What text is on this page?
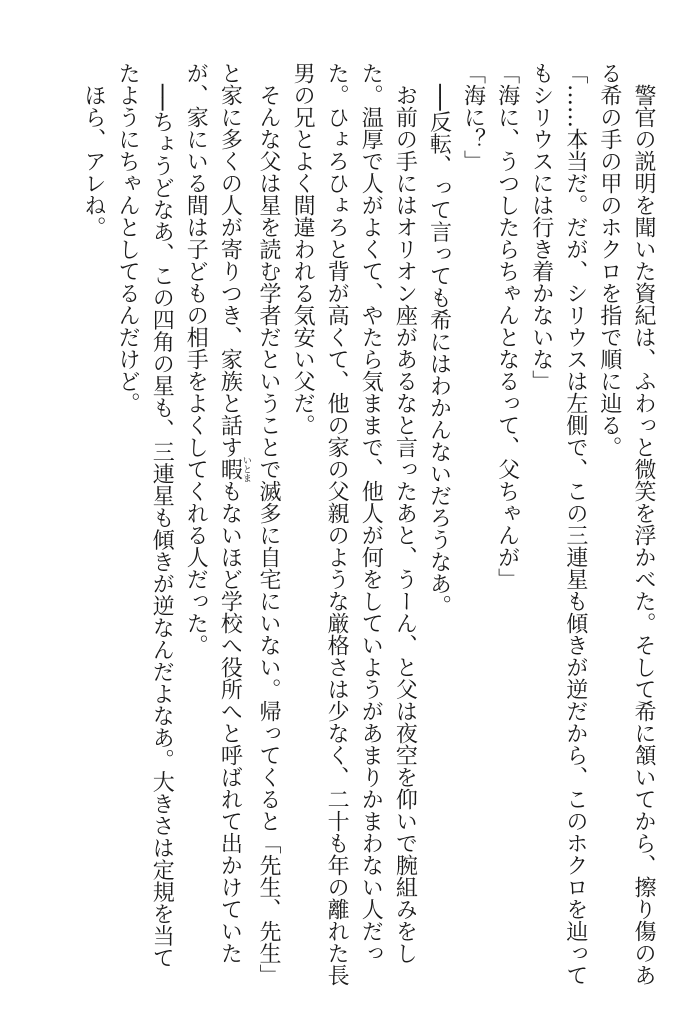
　警官の説明を聞いた資紀は、ふわっと微笑を浮かべた。そして希に頷いてから、擦り傷のあ
る希の手の甲のホクロを指で順に辿る。
「……本当だ。だが、シリウスは左側で、この三連星も傾きが逆だから、このホクロを辿って
もシリウスには行き着かないな」
「海に、うつしたらちゃんとなるって、父ちゃんが」
「海に？」
　──反転、って言っても希にはわかんないだろうなあ。
　お前の手にはオリオン座があるなと言ったあと、うーん、と父は夜空を仰いで腕組みをし
た。温厚で人がよくて、やたら気ままで、他人が何をしていようがあまりかまわない人だっ
た。ひょろひょろと背が高くて、他の家の父親のような厳格さは少なく、二十も年の離れた長
男の兄とよく間違われる気安い父だ。
　そんな父は星を読む学者だということで滅多に自宅にいない。帰ってくると「先生、先生」
と家に多くの人が寄りつき、家族と話す暇いとまもないほど学校へ役所へと呼ばれて出かけていた
が、家にいる間は子どもの相手をよくしてくれる人だった。
　──ちょうどなあ、この四角の星も、三連星も傾きが逆なんだよなあ。大きさは定規を当て
たようにちゃんとしてるんだけど。
　ほら、アレね。
